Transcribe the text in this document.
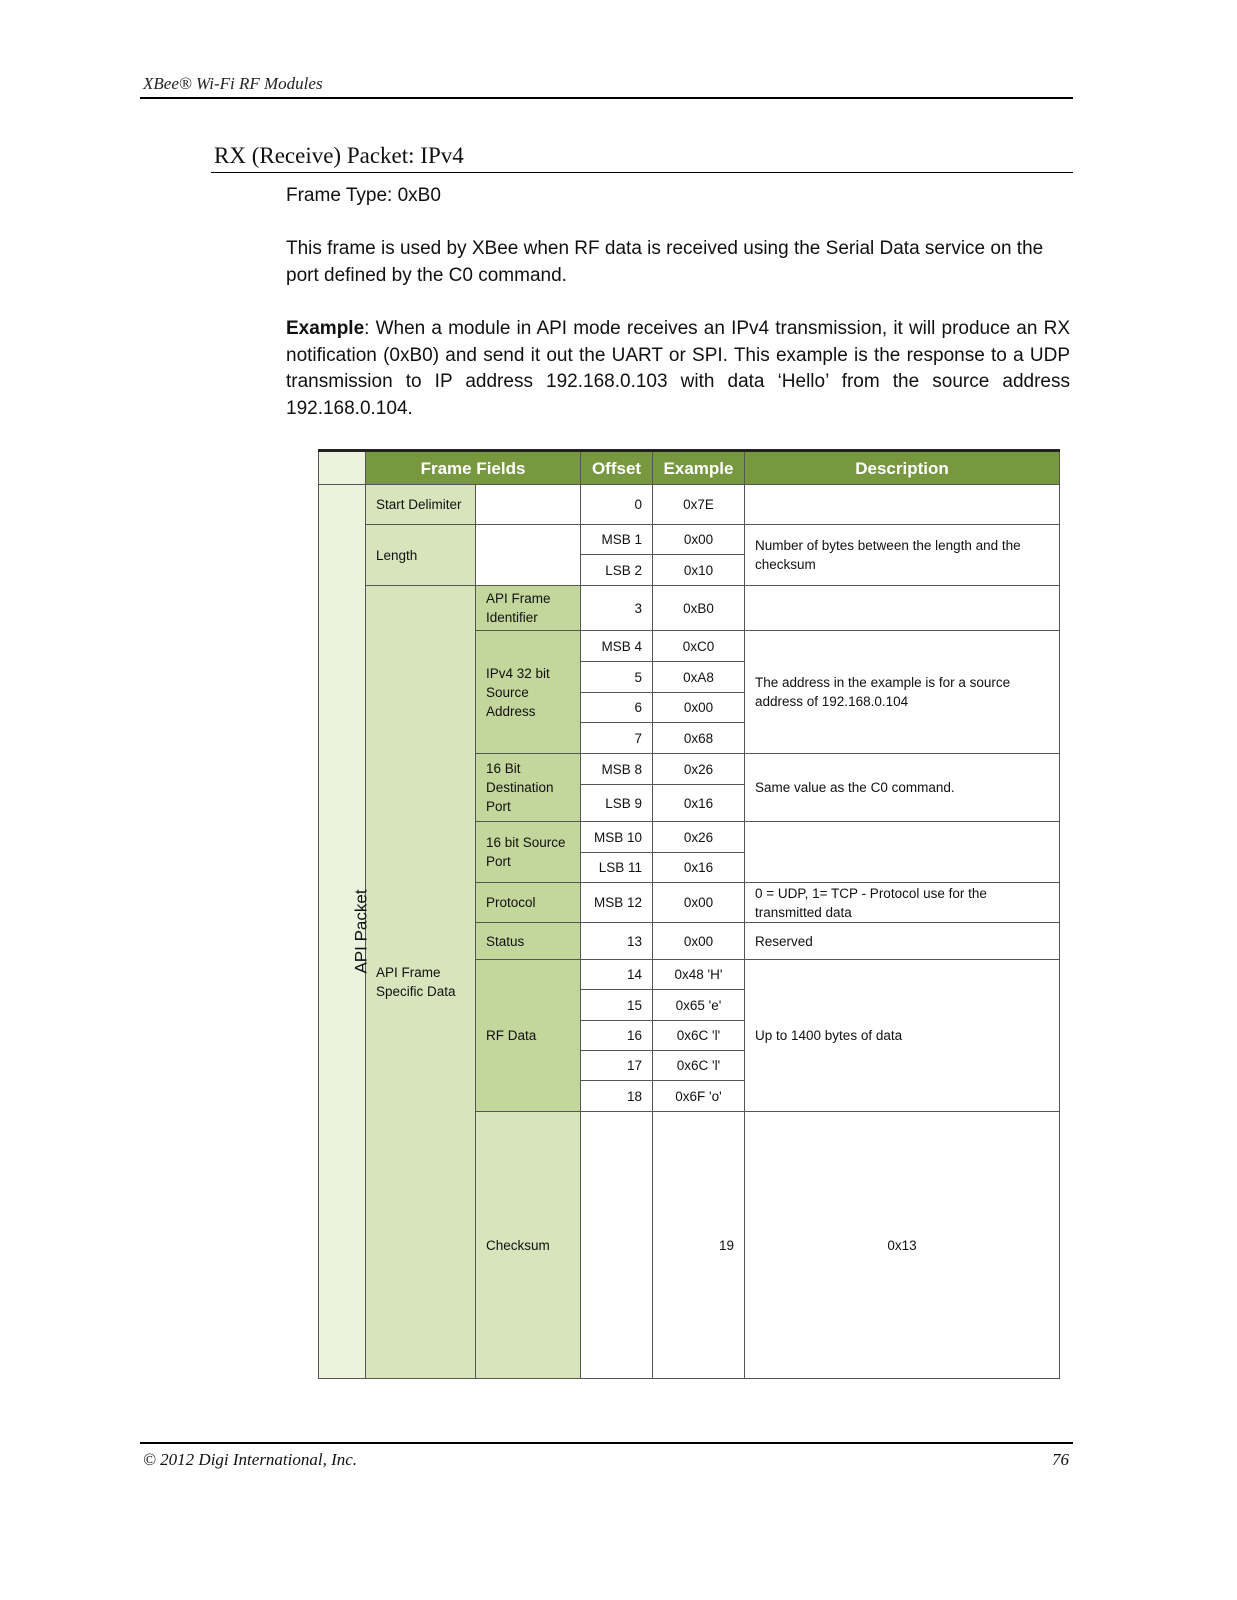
XBee® Wi-Fi RF Modules
RX (Receive) Packet: IPv4
Frame Type: 0xB0
This frame is used by XBee when RF data is received using the Serial Data service on the port defined by the C0 command.
Example: When a module in API mode receives an IPv4 transmission, it will produce an RX notification (0xB0) and send it out the UART or SPI. This example is the response to a UDP transmission to IP address 192.168.0.103 with data ‘Hello’ from the source address 192.168.0.104.
	Frame Fields		Offset	Example	Description	
API Packet	Start Delimiter		0	0x7E		
	Length		MSB 1	0x00	Number of bytes between the length and the checksum	
			LSB 2	0x10		
	API Frame Specific Data	API Frame Identifier	3	0xB0		
		IPv4 32 bit Source Address	MSB 4	0xC0	The address in the example is for a source address of 192.168.0.104	
			5	0xA8		
			6	0x00		
			7	0x68		
		16 Bit Destination Port	MSB 8	0x26	Same value as the C0 command.	
			LSB 9	0x16		
		16 bit Source Port	MSB 10	0x26		
			LSB 11	0x16		
		Protocol	MSB 12	0x00	0 = UDP, 1= TCP - Protocol use for the transmitted data	
		Status	13	0x00	Reserved	
		RF Data	14	0x48 'H'	Up to 1400 bytes of data	
			15	0x65 'e'		
			16	0x6C 'l'		
			17	0x6C 'l'		
			18	0x6F 'o'		
		Checksum		19	0x13	
© 2012 Digi International, Inc.	76
